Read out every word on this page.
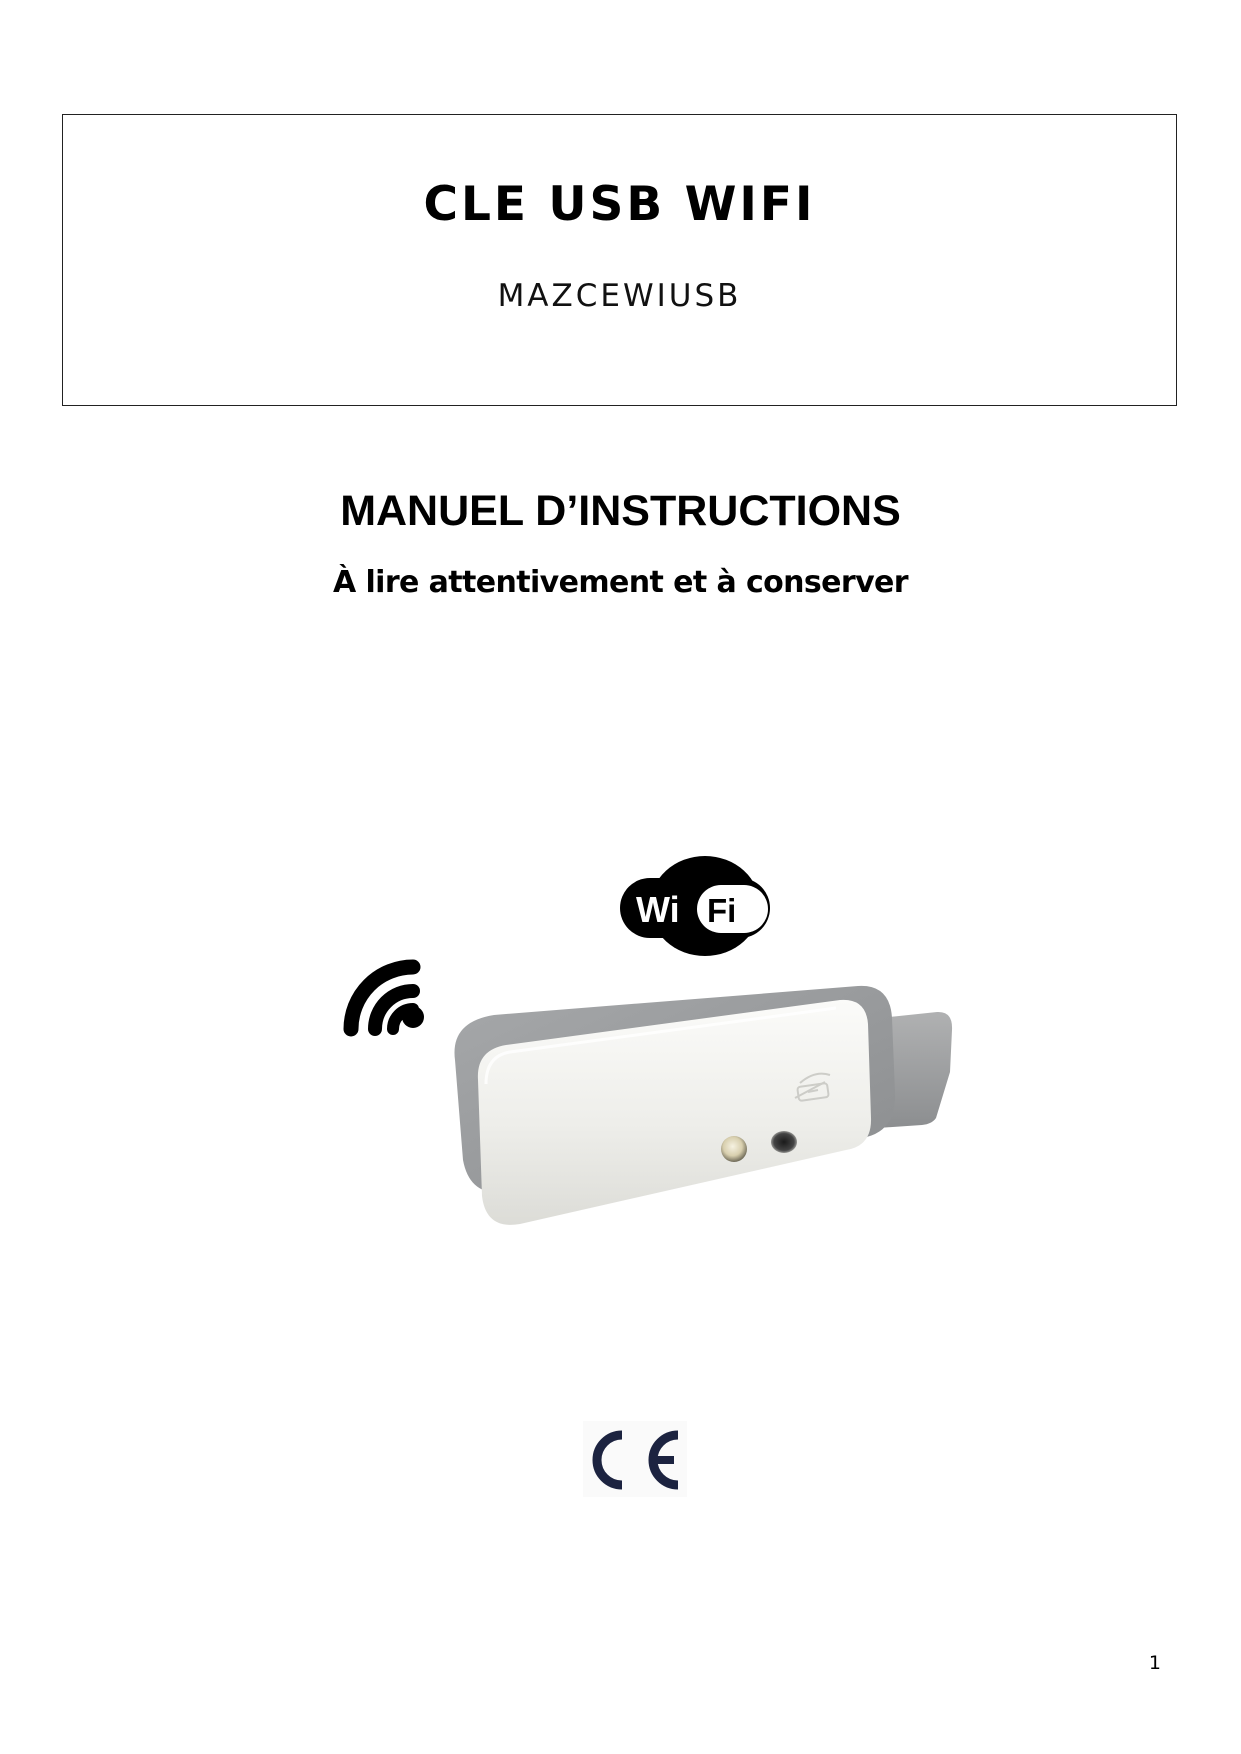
CLE USB WIFI
MAZCEWIUSB
MANUEL D’INSTRUCTIONS
À lire attentivement et à conserver
Wi Fi
1
